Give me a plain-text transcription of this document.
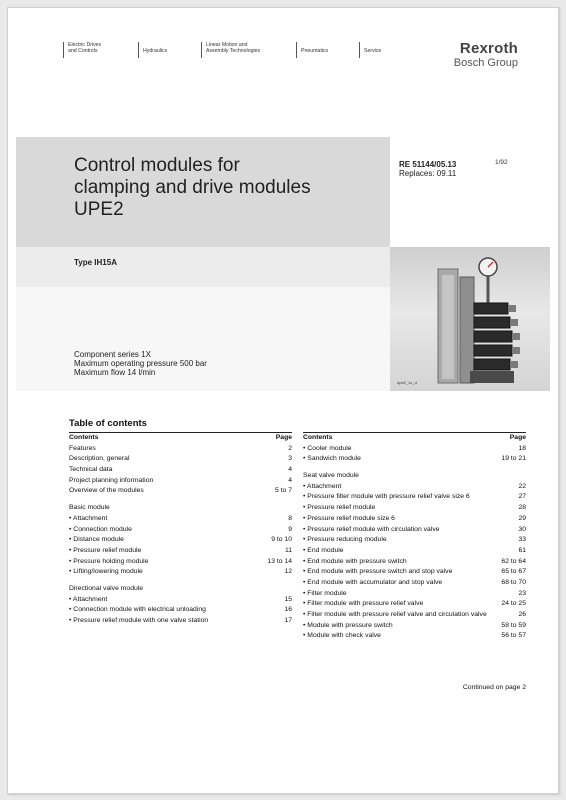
Electric Drives
and Controls	Hydraulics
Linear Motion and
Assembly Technologies	Pneumatics	Service	Rexroth
Bosch Group
Control modules for
clamping and drive modules
UPE2
Type IH15A
Component series 1X
Maximum operating pressure 500 bar
Maximum flow 14 l/min
RE 51144/05.13
Replaces: 09.11
1/92
upe2_1x_d
Table of contents
Contents	Page
Features	2
Description, general	3
Technical data	4
Project planning information	4
Overview of the modules	5 to 7
Basic module
• Attachment	8
• Connection module	9
• Distance module	9 to 10
• Pressure relief module	11
• Pressure holding module	13 to 14
• Lifting/lowering module	12
Directional valve module
• Attachment	15
• Connection module with electrical unloading	16
• Pressure relief module with one valve station	17
Contents	Page
• Cooler module	18
• Sandwich module	19 to 21
Seat valve module
• Attachment	22
• Pressure filter module with pressure relief valve size 6	27
• Pressure relief module	28
• Pressure relief module size 6	29
• Pressure relief module with circulation valve	30
• Pressure reducing module	33
• End module	61
• End module with pressure switch	62 to 64
• End module with pressure switch and stop valve	65 to 67
• End module with accumulator and stop valve	68 to 70
• Filter module	23
• Filter module with pressure relief valve	24 to 25
• Filter module with pressure relief valve and circulation valve	26
• Module with pressure switch	58 to 59
• Module with check valve	56 to 57
Continued on page 2
